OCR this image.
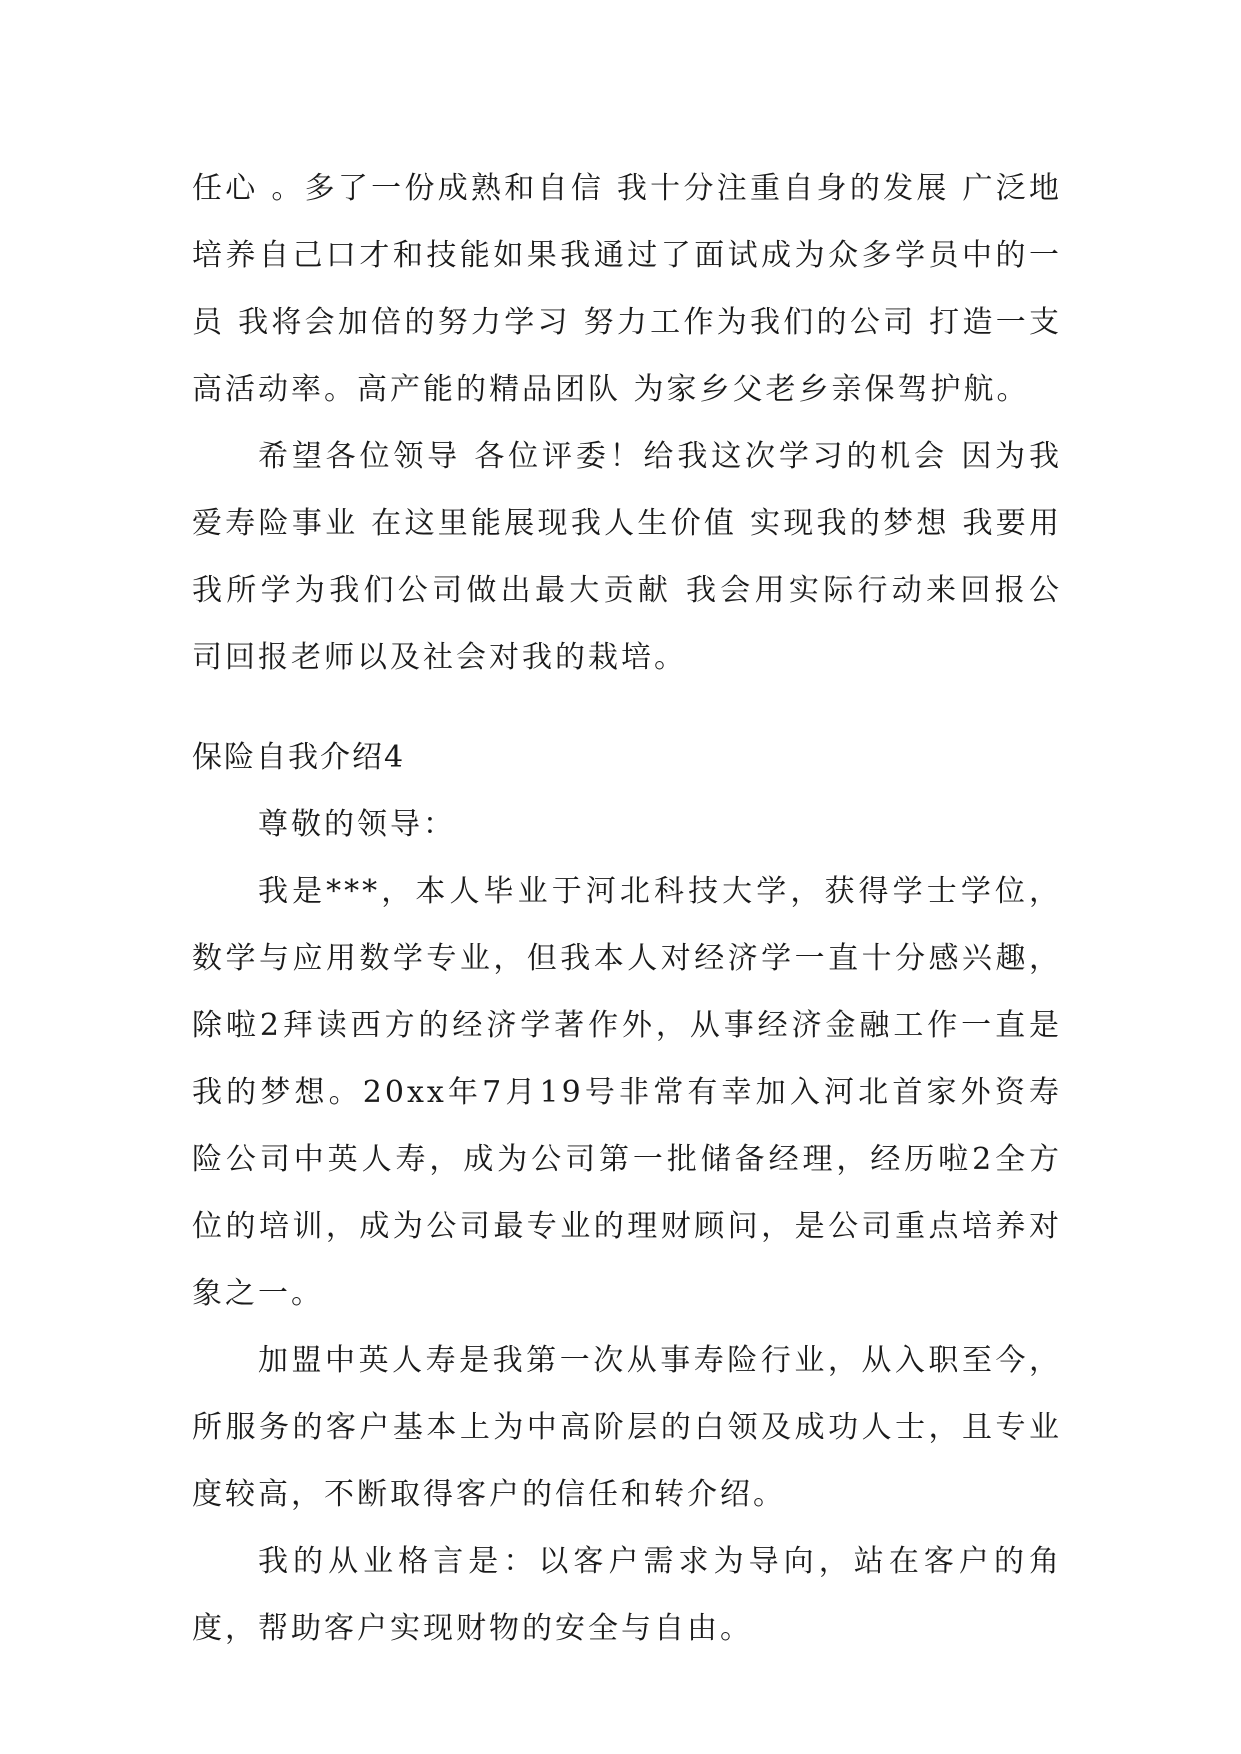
任心 。多了一份成熟和自信 我十分注重自身的发展 广泛地培养自己口才和技能如果我通过了面试成为众多学员中的一员 我将会加倍的努力学习 努力工作为我们的公司 打造一支高活动率。高产能的精品团队 为家乡父老乡亲保驾护航。

希望各位领导 各位评委！给我这次学习的机会 因为我爱寿险事业 在这里能展现我人生价值 实现我的梦想 我要用我所学为我们公司做出最大贡献 我会用实际行动来回报公司回报老师以及社会对我的栽培。

保险自我介绍4

尊敬的领导：

我是***，本人毕业于河北科技大学，获得学士学位，数学与应用数学专业，但我本人对经济学一直十分感兴趣，除啦2拜读西方的经济学著作外，从事经济金融工作一直是我的梦想。20xx年7月19号非常有幸加入河北首家外资寿险公司中英人寿，成为公司第一批储备经理，经历啦2全方位的培训，成为公司最专业的理财顾问，是公司重点培养对象之一。

加盟中英人寿是我第一次从事寿险行业，从入职至今，所服务的客户基本上为中高阶层的白领及成功人士，且专业度较高，不断取得客户的信任和转介绍。

我的从业格言是：以客户需求为导向，站在客户的角度，帮助客户实现财物的安全与自由。
